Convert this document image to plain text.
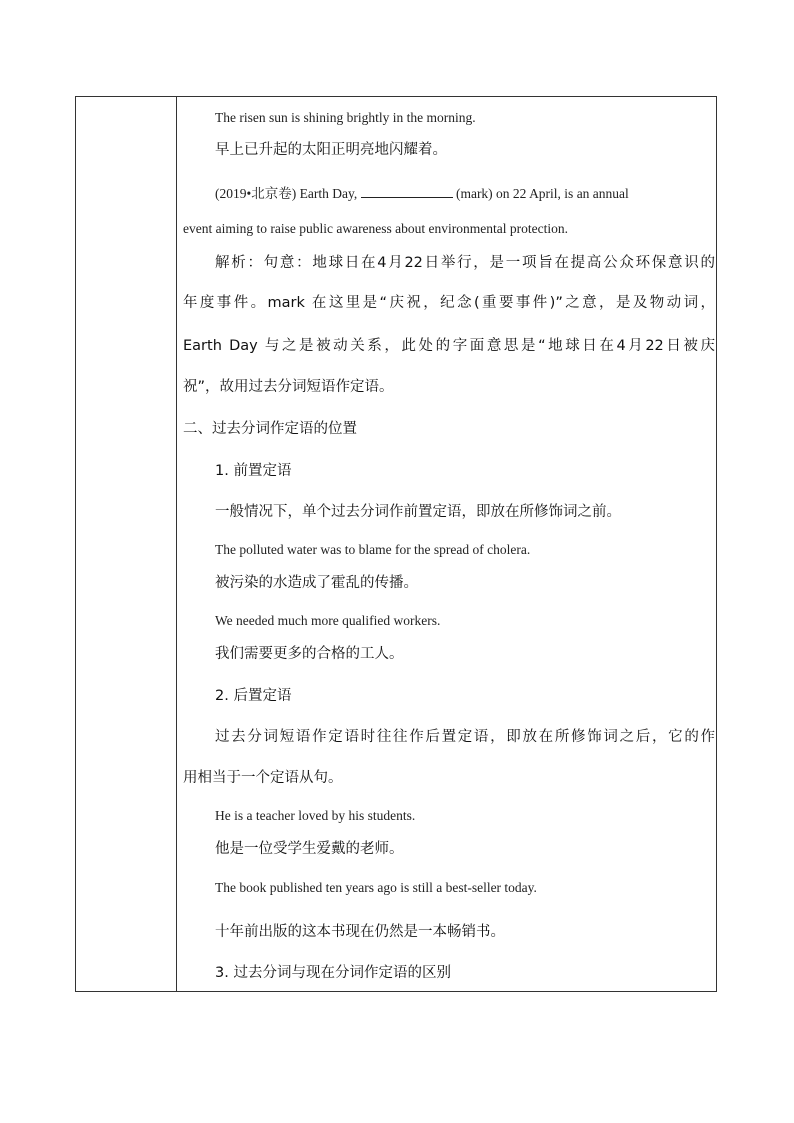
The risen sun is shining brightly in the morning.
早上已升起的太阳正明亮地闪耀着。
(2019•北京卷) Earth Day,	(mark) on 22 April, is an annual
event aiming to raise public awareness about environmental protection.
解析：句意：地球日在4月22日举行，是一项旨在提高公众环保意识的
年度事件。mark 在这里是“庆祝，纪念(重要事件)”之意，是及物动词，
Earth Day 与之是被动关系，此处的字面意思是“地球日在4月22日被庆
祝”，故用过去分词短语作定语。
二、过去分词作定语的位置
1. 前置定语
一般情况下，单个过去分词作前置定语，即放在所修饰词之前。
The polluted water was to blame for the spread of cholera.
被污染的水造成了霍乱的传播。
We needed much more qualified workers.
我们需要更多的合格的工人。
2. 后置定语
过去分词短语作定语时往往作后置定语，即放在所修饰词之后，它的作
用相当于一个定语从句。
He is a teacher loved by his students.
他是一位受学生爱戴的老师。
The book published ten years ago is still a best-seller today.
十年前出版的这本书现在仍然是一本畅销书。
3. 过去分词与现在分词作定语的区别
